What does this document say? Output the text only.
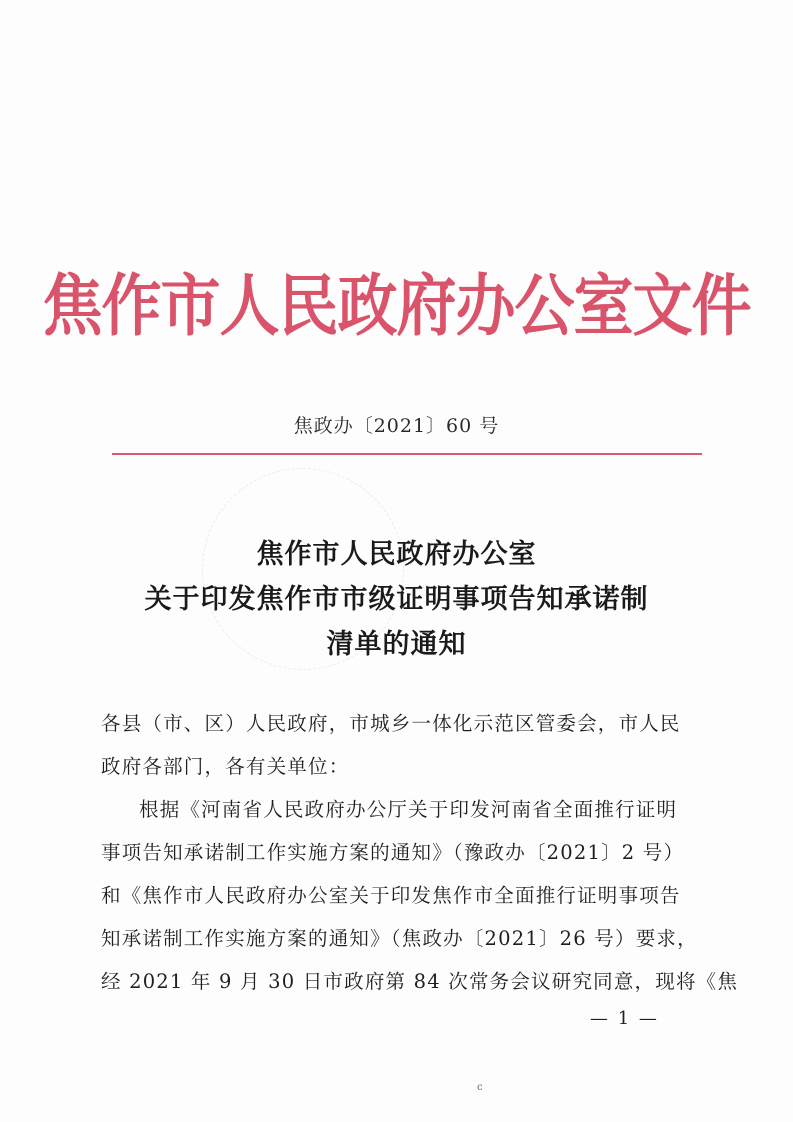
焦作市人民政府办公室文件
焦政办〔2021〕60 号
焦作市人民政府办公室
关于印发焦作市市级证明事项告知承诺制
清单的通知
各县（市、区）人民政府，市城乡一体化示范区管委会，市人民
政府各部门，各有关单位：
根据《河南省人民政府办公厅关于印发河南省全面推行证明
事项告知承诺制工作实施方案的通知》（豫政办〔2021〕2 号）
和《焦作市人民政府办公室关于印发焦作市全面推行证明事项告
知承诺制工作实施方案的通知》（焦政办〔2021〕26 号）要求，
经 2021 年 9 月 30 日市政府第 84 次常务会议研究同意，现将《焦
— 1 —
c
